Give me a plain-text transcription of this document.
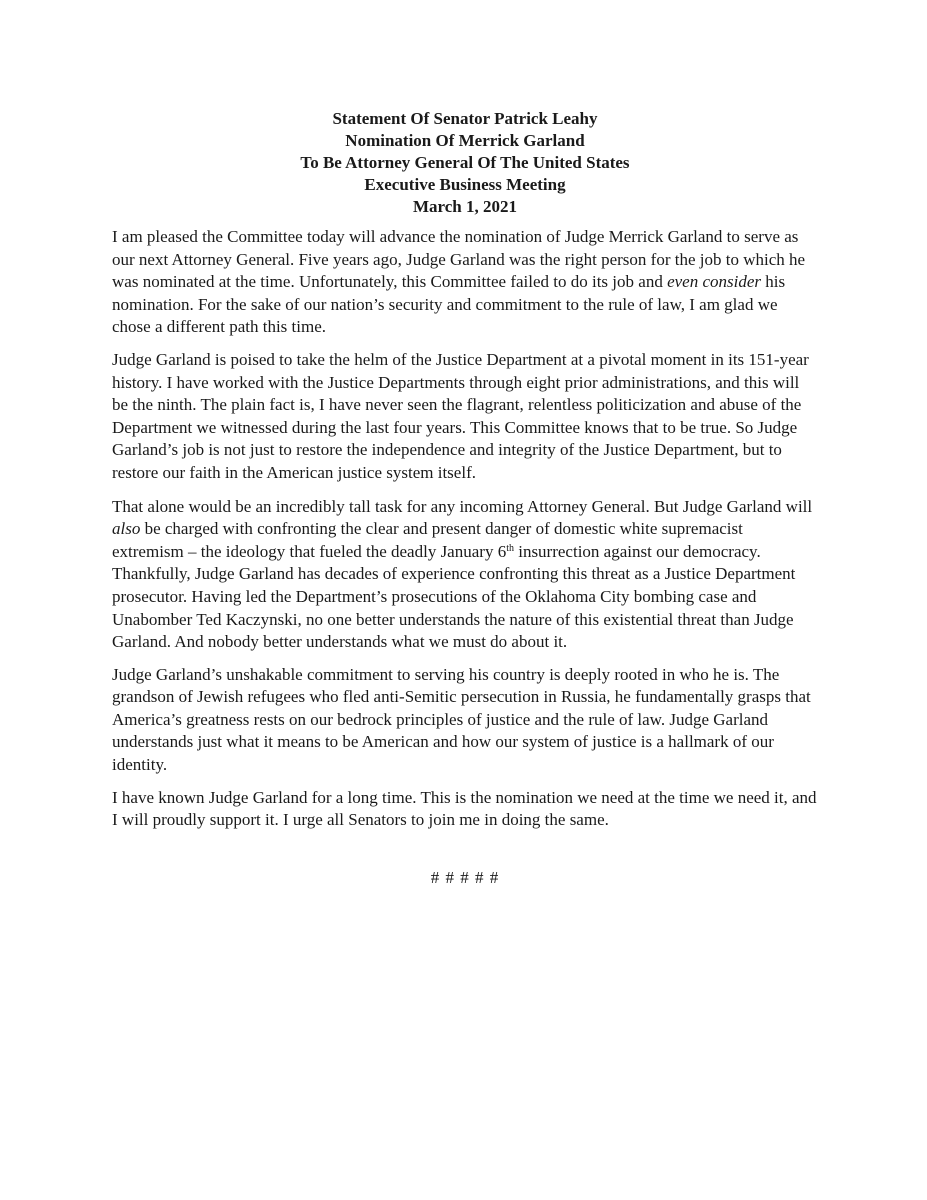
Statement Of Senator Patrick Leahy
Nomination Of Merrick Garland
To Be Attorney General Of The United States
Executive Business Meeting
March 1, 2021

I am pleased the Committee today will advance the nomination of Judge Merrick Garland to serve as our next Attorney General. Five years ago, Judge Garland was the right person for the job to which he was nominated at the time. Unfortunately, this Committee failed to do its job and even consider his nomination. For the sake of our nation’s security and commitment to the rule of law, I am glad we chose a different path this time.

Judge Garland is poised to take the helm of the Justice Department at a pivotal moment in its 151-year history. I have worked with the Justice Departments through eight prior administrations, and this will be the ninth. The plain fact is, I have never seen the flagrant, relentless politicization and abuse of the Department we witnessed during the last four years. This Committee knows that to be true. So Judge Garland’s job is not just to restore the independence and integrity of the Justice Department, but to restore our faith in the American justice system itself.

That alone would be an incredibly tall task for any incoming Attorney General. But Judge Garland will also be charged with confronting the clear and present danger of domestic white supremacist extremism – the ideology that fueled the deadly January 6th insurrection against our democracy. Thankfully, Judge Garland has decades of experience confronting this threat as a Justice Department prosecutor. Having led the Department’s prosecutions of the Oklahoma City bombing case and Unabomber Ted Kaczynski, no one better understands the nature of this existential threat than Judge Garland. And nobody better understands what we must do about it.

Judge Garland’s unshakable commitment to serving his country is deeply rooted in who he is. The grandson of Jewish refugees who fled anti-Semitic persecution in Russia, he fundamentally grasps that America’s greatness rests on our bedrock principles of justice and the rule of law. Judge Garland understands just what it means to be American and how our system of justice is a hallmark of our identity.

I have known Judge Garland for a long time. This is the nomination we need at the time we need it, and I will proudly support it. I urge all Senators to join me in doing the same.

# # # # #
